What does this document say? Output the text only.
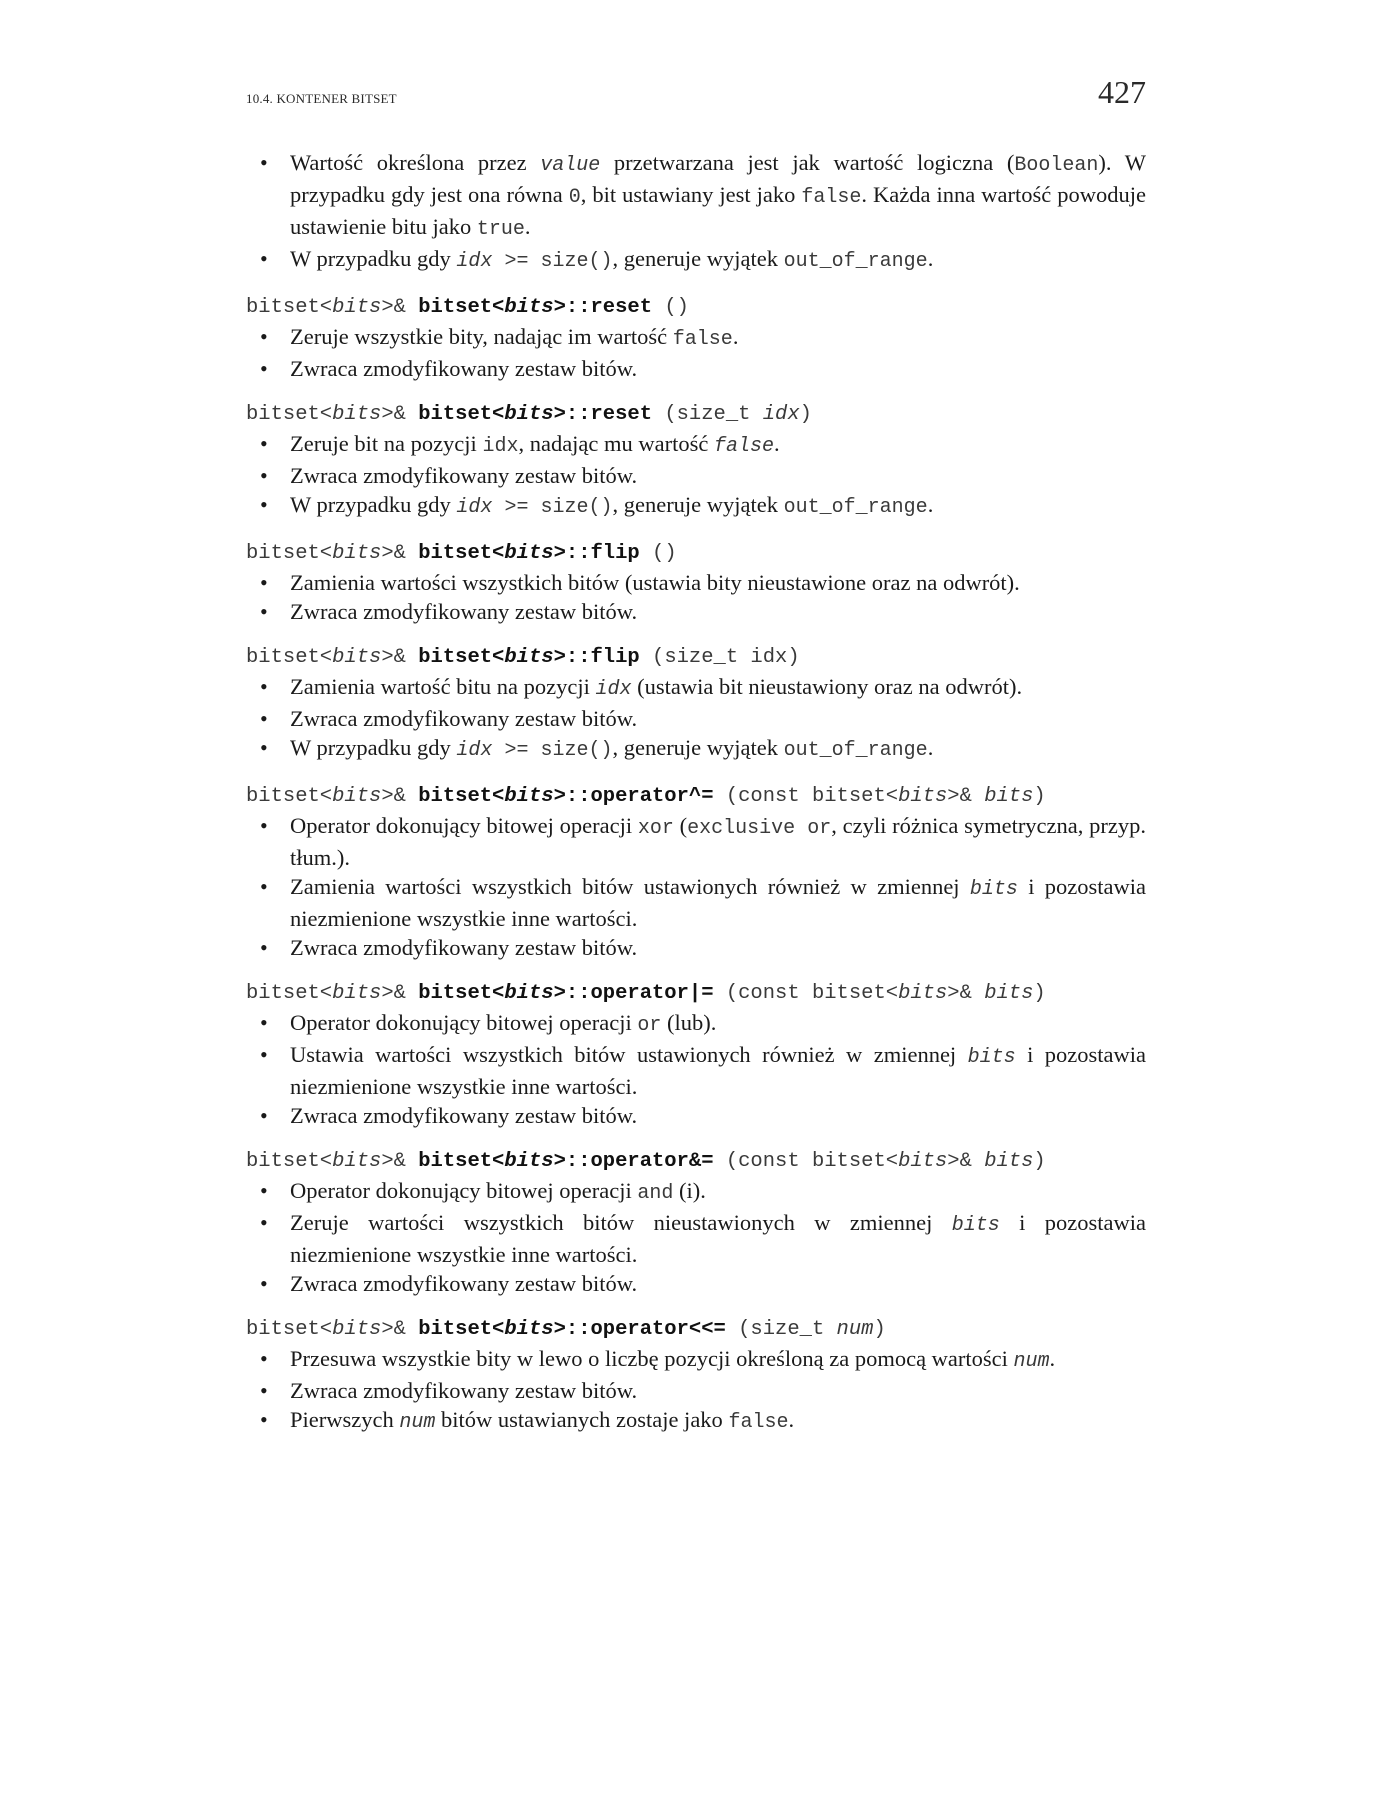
10.4. KONTENER BITSET	427
• Wartość określona przez value przetwarzana jest jak wartość logiczna (Boolean). W przypadku gdy jest ona równa 0, bit ustawiany jest jako false. Każda inna wartość powoduje ustawienie bitu jako true.
• W przypadku gdy idx >= size(), generuje wyjątek out_of_range.

bitset<bits>& bitset<bits>::reset ()

• Zeruje wszystkie bity, nadając im wartość false.
• Zwraca zmodyfikowany zestaw bitów.

bitset<bits>& bitset<bits>::reset (size_t idx)

• Zeruje bit na pozycji idx, nadając mu wartość false.
• Zwraca zmodyfikowany zestaw bitów.
• W przypadku gdy idx >= size(), generuje wyjątek out_of_range.

bitset<bits>& bitset<bits>::flip ()

• Zamienia wartości wszystkich bitów (ustawia bity nieustawione oraz na odwrót).
• Zwraca zmodyfikowany zestaw bitów.

bitset<bits>& bitset<bits>::flip (size_t idx)

• Zamienia wartość bitu na pozycji idx (ustawia bit nieustawiony oraz na odwrót).
• Zwraca zmodyfikowany zestaw bitów.
• W przypadku gdy idx >= size(), generuje wyjątek out_of_range.

bitset<bits>& bitset<bits>::operator^= (const bitset<bits>& bits)

• Operator dokonujący bitowej operacji xor (exclusive or, czyli różnica symetryczna, przyp. tłum.).
• Zamienia wartości wszystkich bitów ustawionych również w zmiennej bits i pozostawia niezmienione wszystkie inne wartości.
• Zwraca zmodyfikowany zestaw bitów.

bitset<bits>& bitset<bits>::operator|= (const bitset<bits>& bits)

• Operator dokonujący bitowej operacji or (lub).
• Ustawia wartości wszystkich bitów ustawionych również w zmiennej bits i pozostawia niezmienione wszystkie inne wartości.
• Zwraca zmodyfikowany zestaw bitów.

bitset<bits>& bitset<bits>::operator&= (const bitset<bits>& bits)

• Operator dokonujący bitowej operacji and (i).
• Zeruje wartości wszystkich bitów nieustawionych w zmiennej bits i pozostawia niezmienione wszystkie inne wartości.
• Zwraca zmodyfikowany zestaw bitów.

bitset<bits>& bitset<bits>::operator<<= (size_t num)

• Przesuwa wszystkie bity w lewo o liczbę pozycji określoną za pomocą wartości num.
• Zwraca zmodyfikowany zestaw bitów.
• Pierwszych num bitów ustawianych zostaje jako false.
